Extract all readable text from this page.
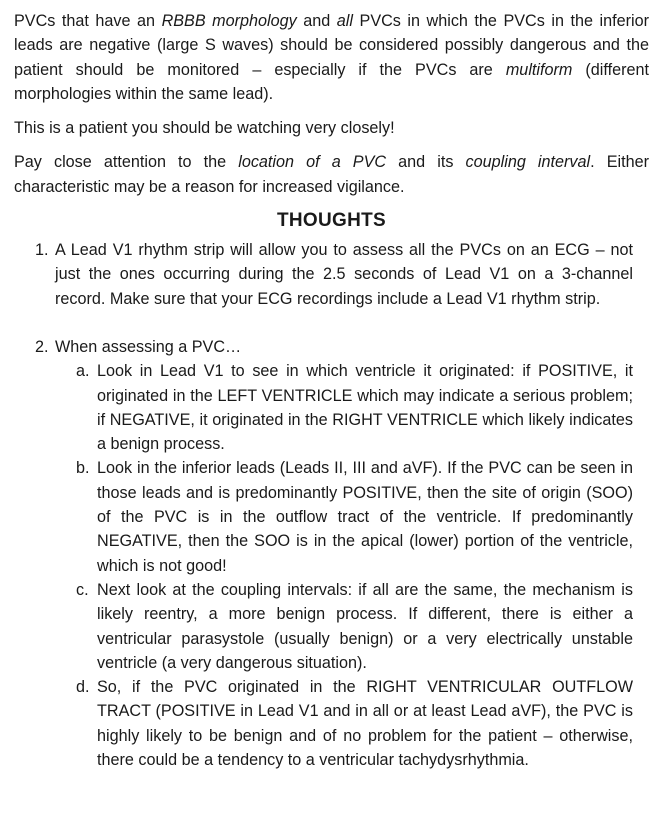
PVCs that have an RBBB morphology and all PVCs in which the PVCs in the inferior leads are negative (large S waves) should be considered possibly dangerous and the patient should be monitored – especially if the PVCs are multiform (different morphologies within the same lead).

This is a patient you should be watching very closely!

Pay close attention to the location of a PVC and its coupling interval. Either characteristic may be a reason for increased vigilance.

THOUGHTS
1. A Lead V1 rhythm strip will allow you to assess all the PVCs on an ECG – not just the ones occurring during the 2.5 seconds of Lead V1 on a 3-channel record. Make sure that your ECG recordings include a Lead V1 rhythm strip.
2. When assessing a PVC…
a. Look in Lead V1 to see in which ventricle it originated: if POSITIVE, it originated in the LEFT VENTRICLE which may indicate a serious problem; if NEGATIVE, it originated in the RIGHT VENTRICLE which likely indicates a benign process.
b. Look in the inferior leads (Leads II, III and aVF). If the PVC can be seen in those leads and is predominantly POSITIVE, then the site of origin (SOO) of the PVC is in the outflow tract of the ventricle. If predominantly NEGATIVE, then the SOO is in the apical (lower) portion of the ventricle, which is not good!
c. Next look at the coupling intervals: if all are the same, the mechanism is likely reentry, a more benign process. If different, there is either a ventricular parasystole (usually benign) or a very electrically unstable ventricle (a very dangerous situation).
d. So, if the PVC originated in the RIGHT VENTRICULAR OUTFLOW TRACT (POSITIVE in Lead V1 and in all or at least Lead aVF), the PVC is highly likely to be benign and of no problem for the patient – otherwise, there could be a tendency to a ventricular tachydysrhythmia.
